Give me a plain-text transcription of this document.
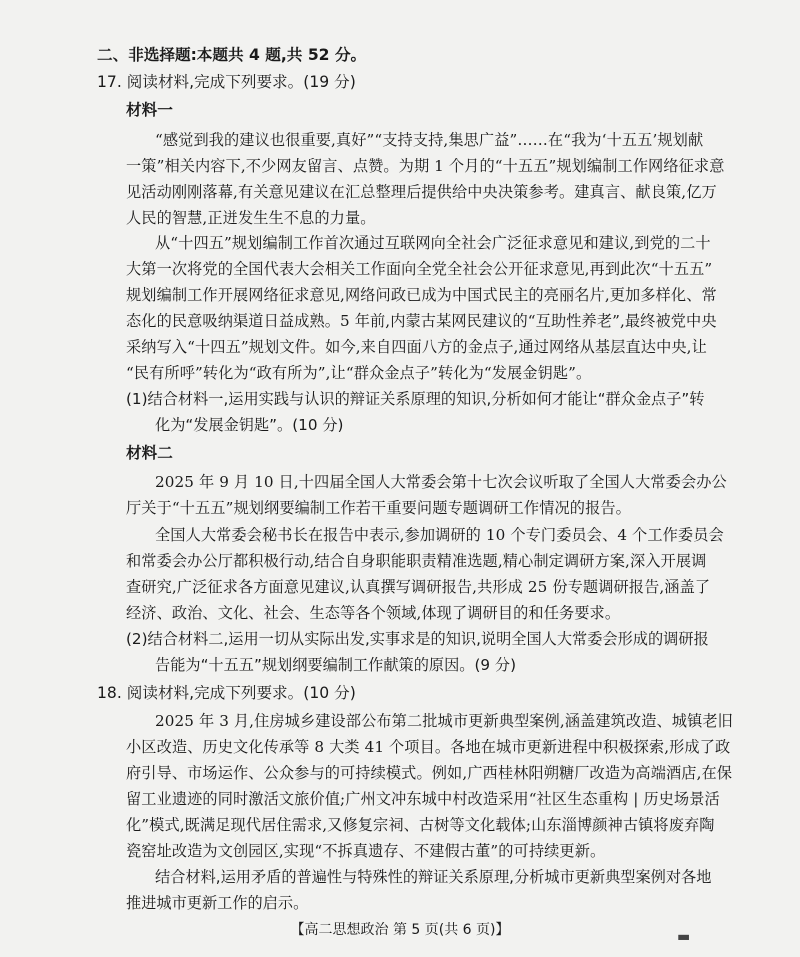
二、非选择题:本题共 4 题,共 52 分。
17. 阅读材料,完成下列要求。(19 分)
材料一
“感觉到我的建议也很重要,真好”“支持支持,集思广益”……在“我为‘十五五’规划献
一策”相关内容下,不少网友留言、点赞。为期 1 个月的“十五五”规划编制工作网络征求意
见活动刚刚落幕,有关意见建议在汇总整理后提供给中央决策参考。建真言、献良策,亿万
人民的智慧,正迸发生生不息的力量。
从“十四五”规划编制工作首次通过互联网向全社会广泛征求意见和建议,到党的二十
大第一次将党的全国代表大会相关工作面向全党全社会公开征求意见,再到此次“十五五”
规划编制工作开展网络征求意见,网络问政已成为中国式民主的亮丽名片,更加多样化、常
态化的民意吸纳渠道日益成熟。5 年前,内蒙古某网民建议的“互助性养老”,最终被党中央
采纳写入“十四五”规划文件。如今,来自四面八方的金点子,通过网络从基层直达中央,让
“民有所呼”转化为“政有所为”,让“群众金点子”转化为“发展金钥匙”。
(1)结合材料一,运用实践与认识的辩证关系原理的知识,分析如何才能让“群众金点子”转
化为“发展金钥匙”。(10 分)
材料二
2025 年 9 月 10 日,十四届全国人大常委会第十七次会议听取了全国人大常委会办公
厅关于“十五五”规划纲要编制工作若干重要问题专题调研工作情况的报告。
全国人大常委会秘书长在报告中表示,参加调研的 10 个专门委员会、4 个工作委员会
和常委会办公厅都积极行动,结合自身职能职责精准选题,精心制定调研方案,深入开展调
查研究,广泛征求各方面意见建议,认真撰写调研报告,共形成 25 份专题调研报告,涵盖了
经济、政治、文化、社会、生态等各个领域,体现了调研目的和任务要求。
(2)结合材料二,运用一切从实际出发,实事求是的知识,说明全国人大常委会形成的调研报
告能为“十五五”规划纲要编制工作献策的原因。(9 分)
18. 阅读材料,完成下列要求。(10 分)
2025 年 3 月,住房城乡建设部公布第二批城市更新典型案例,涵盖建筑改造、城镇老旧
小区改造、历史文化传承等 8 大类 41 个项目。各地在城市更新进程中积极探索,形成了政
府引导、市场运作、公众参与的可持续模式。例如,广西桂林阳朔糖厂改造为高端酒店,在保
留工业遗迹的同时激活文旅价值;广州文冲东城中村改造采用“社区生态重构 | 历史场景活
化”模式,既满足现代居住需求,又修复宗祠、古树等文化载体;山东淄博颜神古镇将废弃陶
瓷窑址改造为文创园区,实现“不拆真遗存、不建假古董”的可持续更新。
结合材料,运用矛盾的普遍性与特殊性的辩证关系原理,分析城市更新典型案例对各地
推进城市更新工作的启示。
【高二思想政治 第 5 页(共 6 页)】	▬
